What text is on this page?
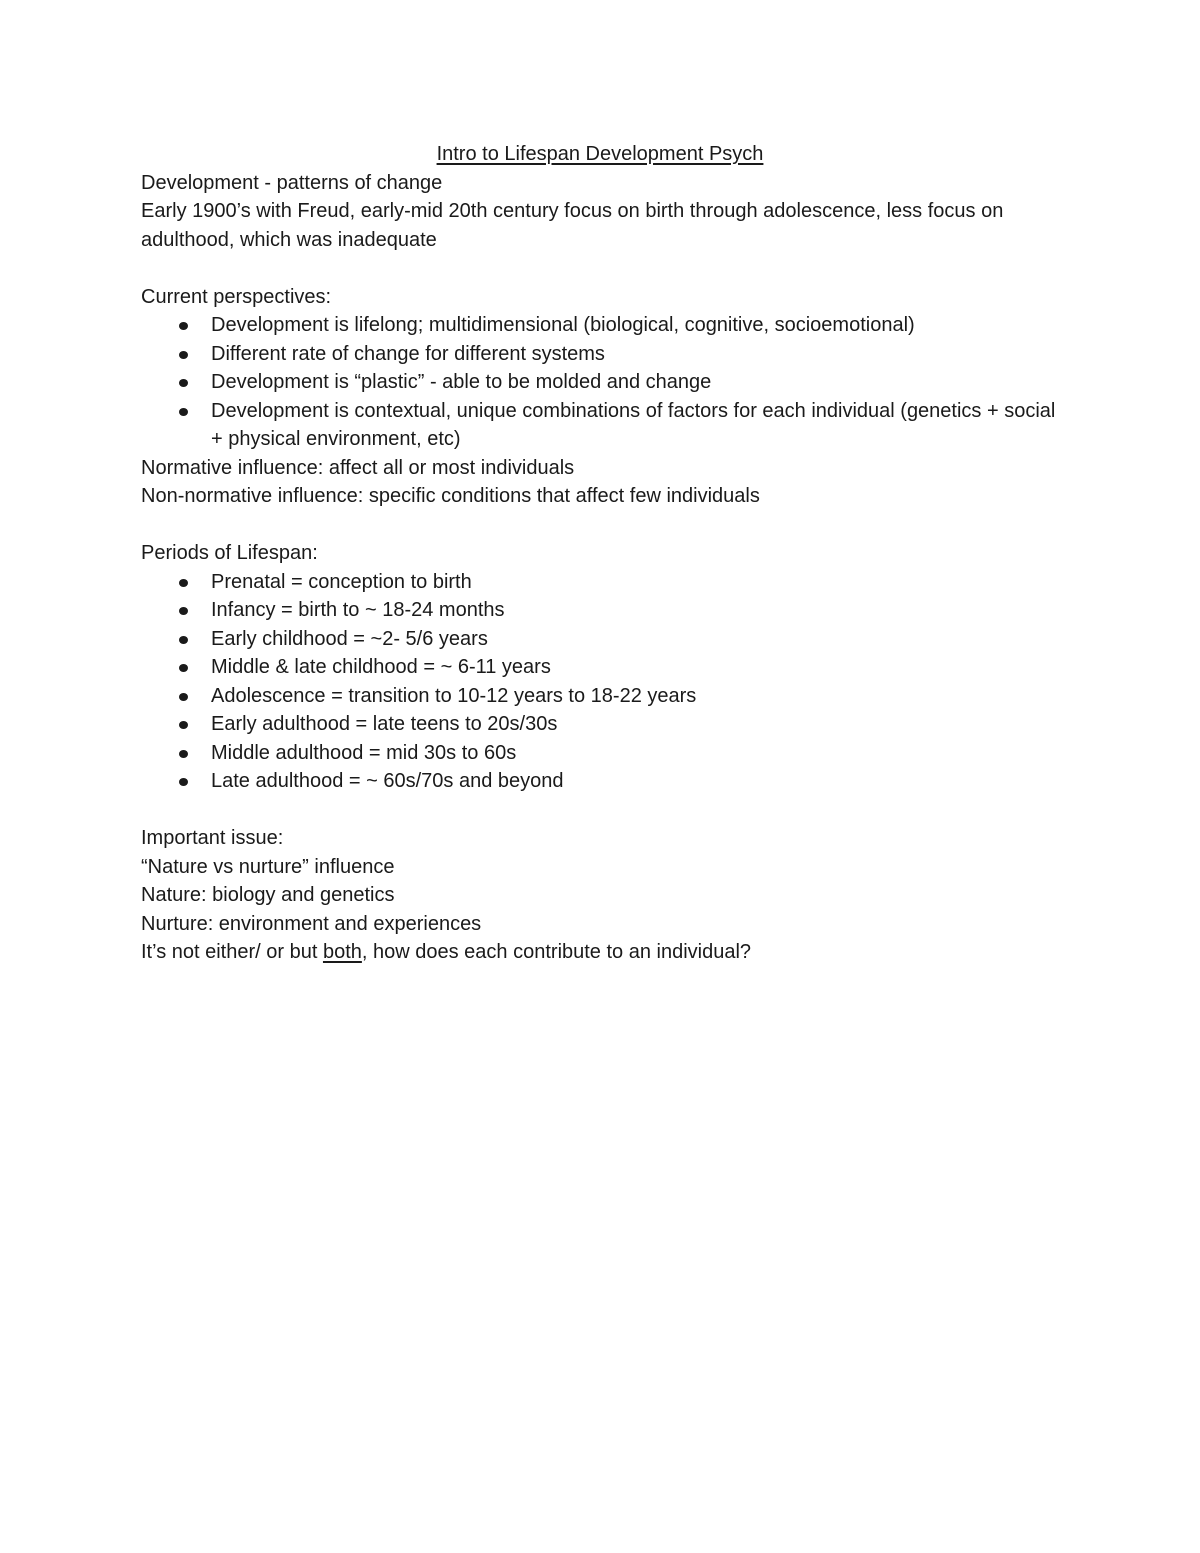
Intro to Lifespan Development Psych

Development - patterns of change

Early 1900’s with Freud, early-mid 20th century focus on birth through adolescence, less focus on adulthood, which was inadequate

Current perspectives:

Development is lifelong; multidimensional (biological, cognitive, socioemotional)
Different rate of change for different systems
Development is “plastic” - able to be molded and change
Development is contextual, unique combinations of factors for each individual (genetics + social + physical environment, etc)

Normative influence: affect all or most individuals

Non-normative influence: specific conditions that affect few individuals

Periods of Lifespan:

Prenatal = conception to birth
Infancy = birth to ~ 18-24 months
Early childhood = ~2- 5/6 years
Middle & late childhood = ~ 6-11 years
Adolescence = transition to 10-12 years to 18-22 years
Early adulthood = late teens to 20s/30s
Middle adulthood = mid 30s to 60s
Late adulthood = ~ 60s/70s and beyond

Important issue:

“Nature vs nurture” influence

Nature: biology and genetics

Nurture: environment and experiences

It’s not either/ or but both, how does each contribute to an individual?
